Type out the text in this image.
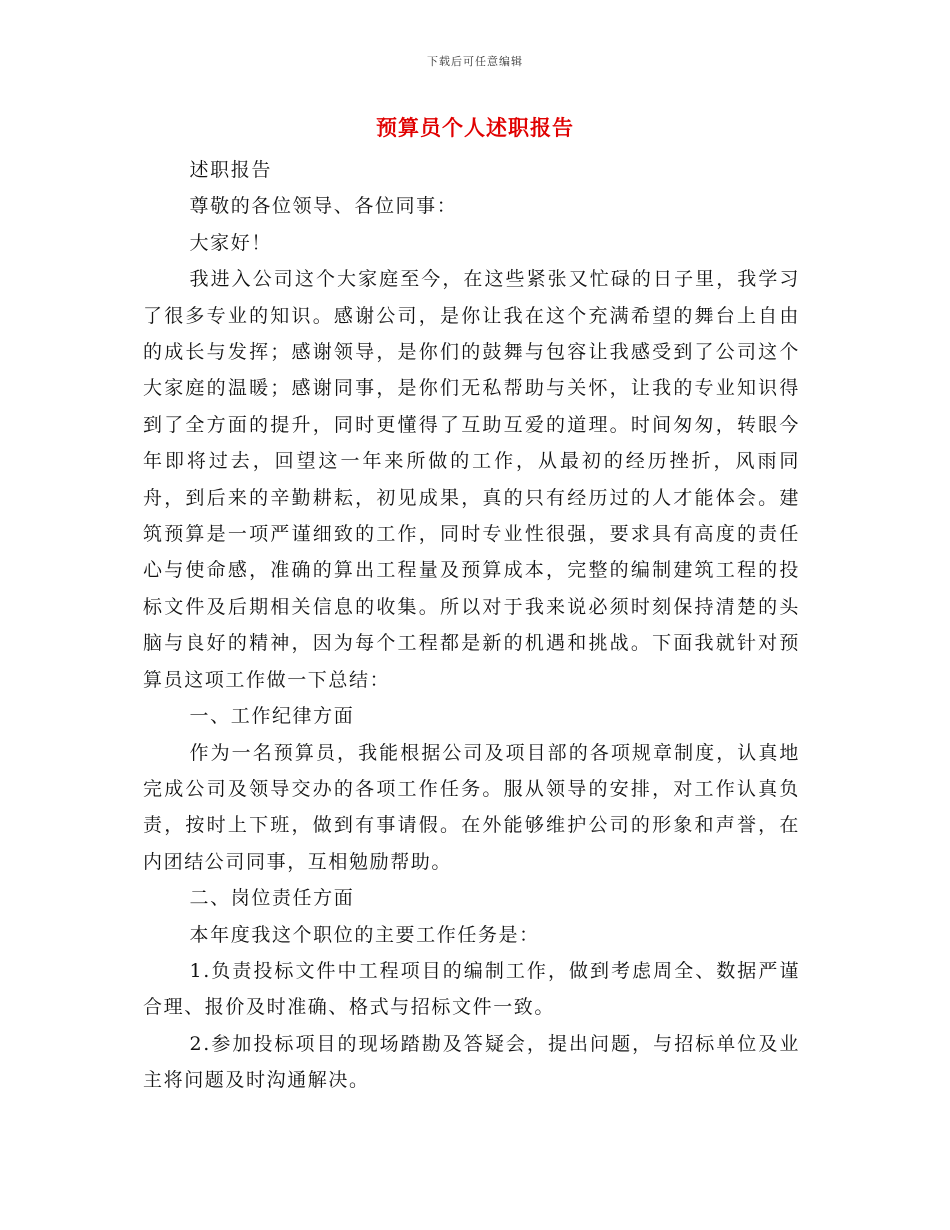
下载后可任意编辑
预算员个人述职报告

述职报告

尊敬的各位领导、各位同事：

大家好！

我进入公司这个大家庭至今，在这些紧张又忙碌的日子里，我学习了很多专业的知识。感谢公司，是你让我在这个充满希望的舞台上自由的成长与发挥；感谢领导，是你们的鼓舞与包容让我感受到了公司这个大家庭的温暖；感谢同事，是你们无私帮助与关怀，让我的专业知识得到了全方面的提升，同时更懂得了互助互爱的道理。时间匆匆，转眼今年即将过去，回望这一年来所做的工作，从最初的经历挫折，风雨同舟，到后来的辛勤耕耘，初见成果，真的只有经历过的人才能体会。建筑预算是一项严谨细致的工作，同时专业性很强，要求具有高度的责任心与使命感，准确的算出工程量及预算成本，完整的编制建筑工程的投标文件及后期相关信息的收集。所以对于我来说必须时刻保持清楚的头脑与良好的精神，因为每个工程都是新的机遇和挑战。下面我就针对预算员这项工作做一下总结：

一、工作纪律方面

作为一名预算员，我能根据公司及项目部的各项规章制度，认真地完成公司及领导交办的各项工作任务。服从领导的安排，对工作认真负责，按时上下班，做到有事请假。在外能够维护公司的形象和声誉，在内团结公司同事，互相勉励帮助。

二、岗位责任方面

本年度我这个职位的主要工作任务是：

1.负责投标文件中工程项目的编制工作，做到考虑周全、数据严谨合理、报价及时准确、格式与招标文件一致。

2.参加投标项目的现场踏勘及答疑会，提出问题，与招标单位及业主将问题及时沟通解决。
